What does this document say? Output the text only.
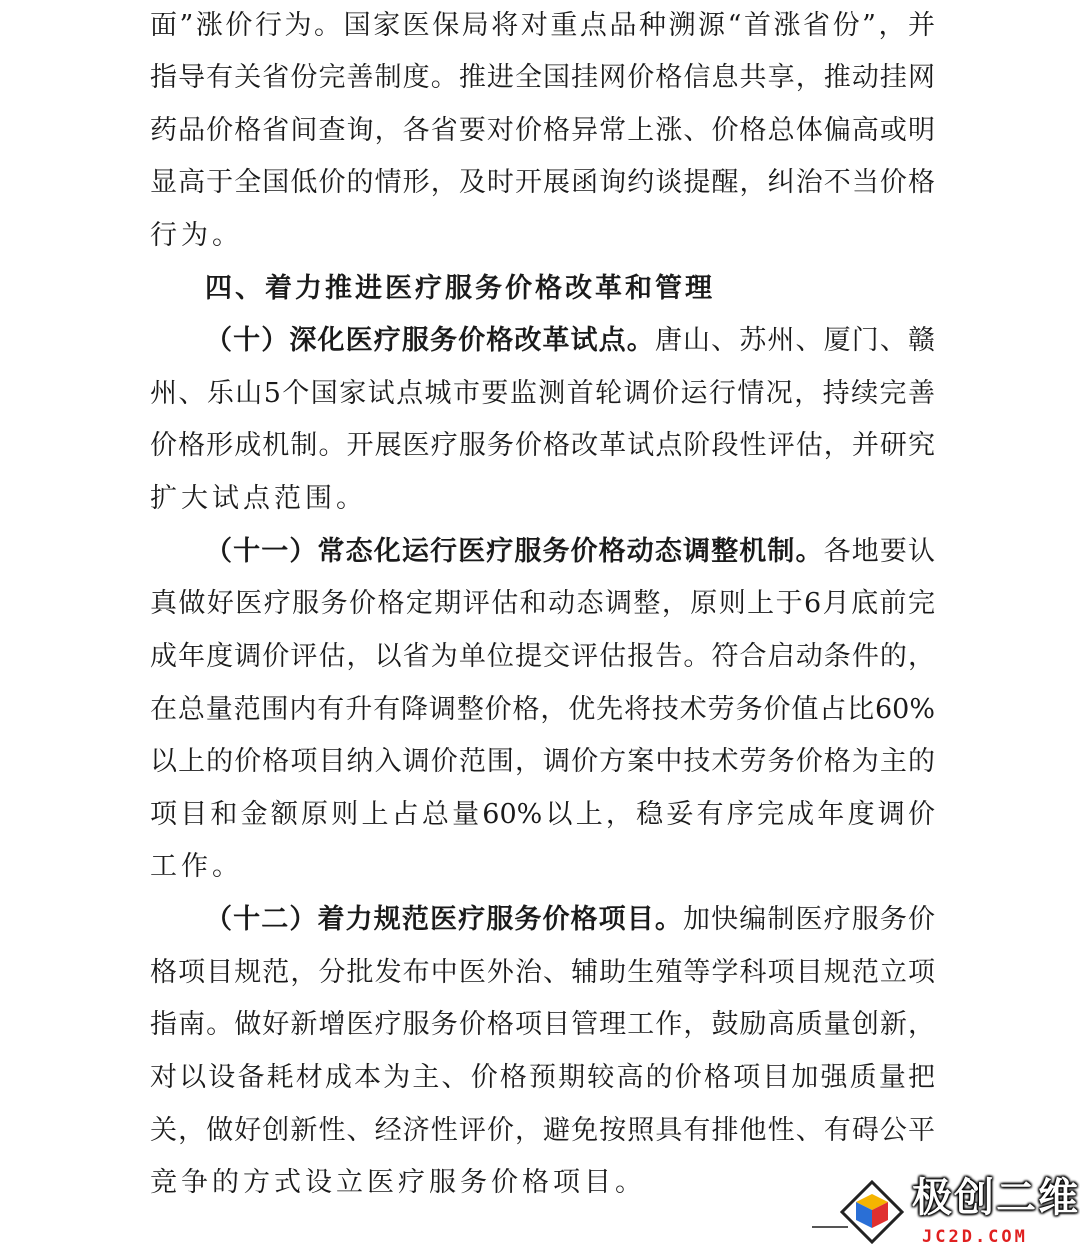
面”涨价行为。国家医保局将对重点品种溯源“首涨省份”，并
指导有关省份完善制度。推进全国挂网价格信息共享，推动挂网
药品价格省间查询，各省要对价格异常上涨、价格总体偏高或明
显高于全国低价的情形，及时开展函询约谈提醒，纠治不当价格
行为。
四、着力推进医疗服务价格改革和管理
（十）深化医疗服务价格改革试点。唐山、苏州、厦门、赣
州、乐山5个国家试点城市要监测首轮调价运行情况，持续完善
价格形成机制。开展医疗服务价格改革试点阶段性评估，并研究
扩大试点范围。
（十一）常态化运行医疗服务价格动态调整机制。各地要认
真做好医疗服务价格定期评估和动态调整，原则上于6月底前完
成年度调价评估，以省为单位提交评估报告。符合启动条件的，
在总量范围内有升有降调整价格，优先将技术劳务价值占比60%
以上的价格项目纳入调价范围，调价方案中技术劳务价格为主的
项目和金额原则上占总量60%以上，稳妥有序完成年度调价
工作。
（十二）着力规范医疗服务价格项目。加快编制医疗服务价
格项目规范，分批发布中医外治、辅助生殖等学科项目规范立项
指南。做好新增医疗服务价格项目管理工作，鼓励高质量创新，
对以设备耗材成本为主、价格预期较高的价格项目加强质量把
关，做好创新性、经济性评价，避免按照具有排他性、有碍公平
竞争的方式设立医疗服务价格项目。	极创二维
JC2D.COM
